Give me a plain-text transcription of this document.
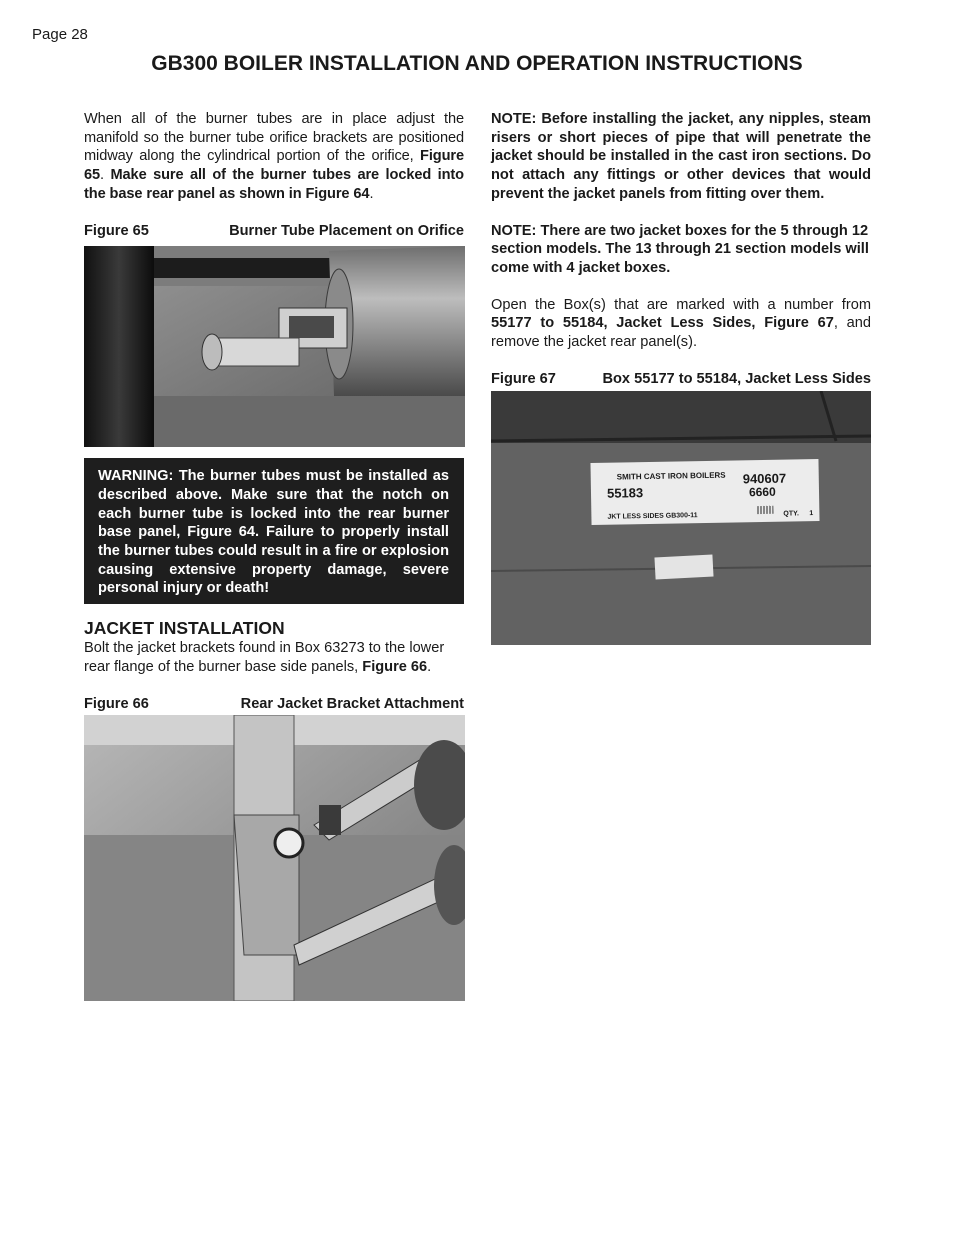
Page 28
GB300 BOILER INSTALLATION AND OPERATION INSTRUCTIONS

When all of the burner tubes are in place adjust the manifold so the burner tube orifice brackets are positioned midway along the cylindrical portion of the orifice, Figure 65. Make sure all of the burner tubes are locked into the base rear panel as shown in Figure 64.

Figure 65	Burner Tube Placement on Orifice
WARNING: The burner tubes must be installed as described above. Make sure that the notch on each burner tube is locked into the rear burner base panel, Figure 64. Failure to properly install the burner tubes could result in a fire or explosion causing extensive property damage, severe personal injury or death!
JACKET INSTALLATION

Bolt the jacket brackets found in Box 63273 to the lower rear flange of the burner base side panels, Figure 66.

Figure 66	Rear Jacket Bracket Attachment

NOTE: Before installing the jacket, any nipples, steam risers or short pieces of pipe that will penetrate the jacket should be installed in the cast iron sections. Do not attach any fittings or other devices that would prevent the jacket panels from fitting over them.

NOTE: There are two jacket boxes for the 5 through 12 section models. The 13 through 21 section models will come with 4 jacket boxes.

Open the Box(s) that are marked with a number from 55177 to 55184, Jacket Less Sides, Figure 67, and remove the jacket rear panel(s).

Figure 67	Box 55177 to 55184, Jacket Less Sides
SMITH CAST IRON BOILERS
55183
940607
6660
JKT LESS SIDES GB300-11	QTY. 1
